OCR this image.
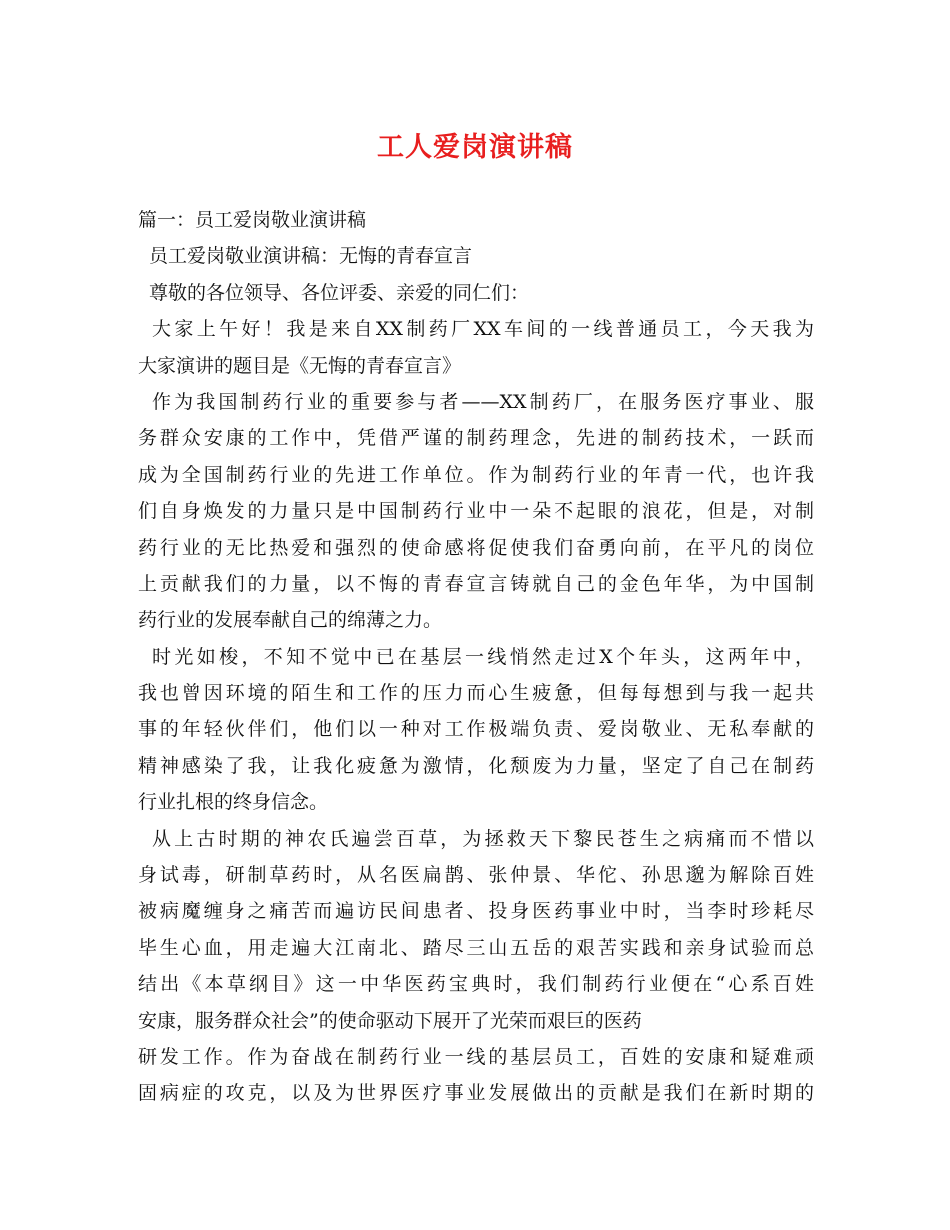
工人爱岗演讲稿
篇一：员工爱岗敬业演讲稿
员工爱岗敬业演讲稿：无悔的青春宣言
尊敬的各位领导、各位评委、亲爱的同仁们：
大家上午好！我是来自XX制药厂XX车间的一线普通员工，今天我为
大家演讲的题目是《无悔的青春宣言》
作为我国制药行业的重要参与者——XX制药厂，在服务医疗事业、服
务群众安康的工作中，凭借严谨的制药理念，先进的制药技术，一跃而
成为全国制药行业的先进工作单位。作为制药行业的年青一代，也许我
们自身焕发的力量只是中国制药行业中一朵不起眼的浪花，但是，对制
药行业的无比热爱和强烈的使命感将促使我们奋勇向前，在平凡的岗位
上贡献我们的力量，以不悔的青春宣言铸就自己的金色年华，为中国制
药行业的发展奉献自己的绵薄之力。
时光如梭，不知不觉中已在基层一线悄然走过X个年头，这两年中，
我也曾因环境的陌生和工作的压力而心生疲惫，但每每想到与我一起共
事的年轻伙伴们，他们以一种对工作极端负责、爱岗敬业、无私奉献的
精神感染了我，让我化疲惫为激情，化颓废为力量，坚定了自己在制药
行业扎根的终身信念。
从上古时期的神农氏遍尝百草，为拯救天下黎民苍生之病痛而不惜以
身试毒，研制草药时，从名医扁鹊、张仲景、华佗、孙思邈为解除百姓
被病魔缠身之痛苦而遍访民间患者、投身医药事业中时，当李时珍耗尽
毕生心血，用走遍大江南北、踏尽三山五岳的艰苦实践和亲身试验而总
结出《本草纲目》这一中华医药宝典时，我们制药行业便在“心系百姓
安康，服务群众社会”的使命驱动下展开了光荣而艰巨的医药
研发工作。作为奋战在制药行业一线的基层员工，百姓的安康和疑难顽
固病症的攻克，以及为世界医疗事业发展做出的贡献是我们在新时期的
